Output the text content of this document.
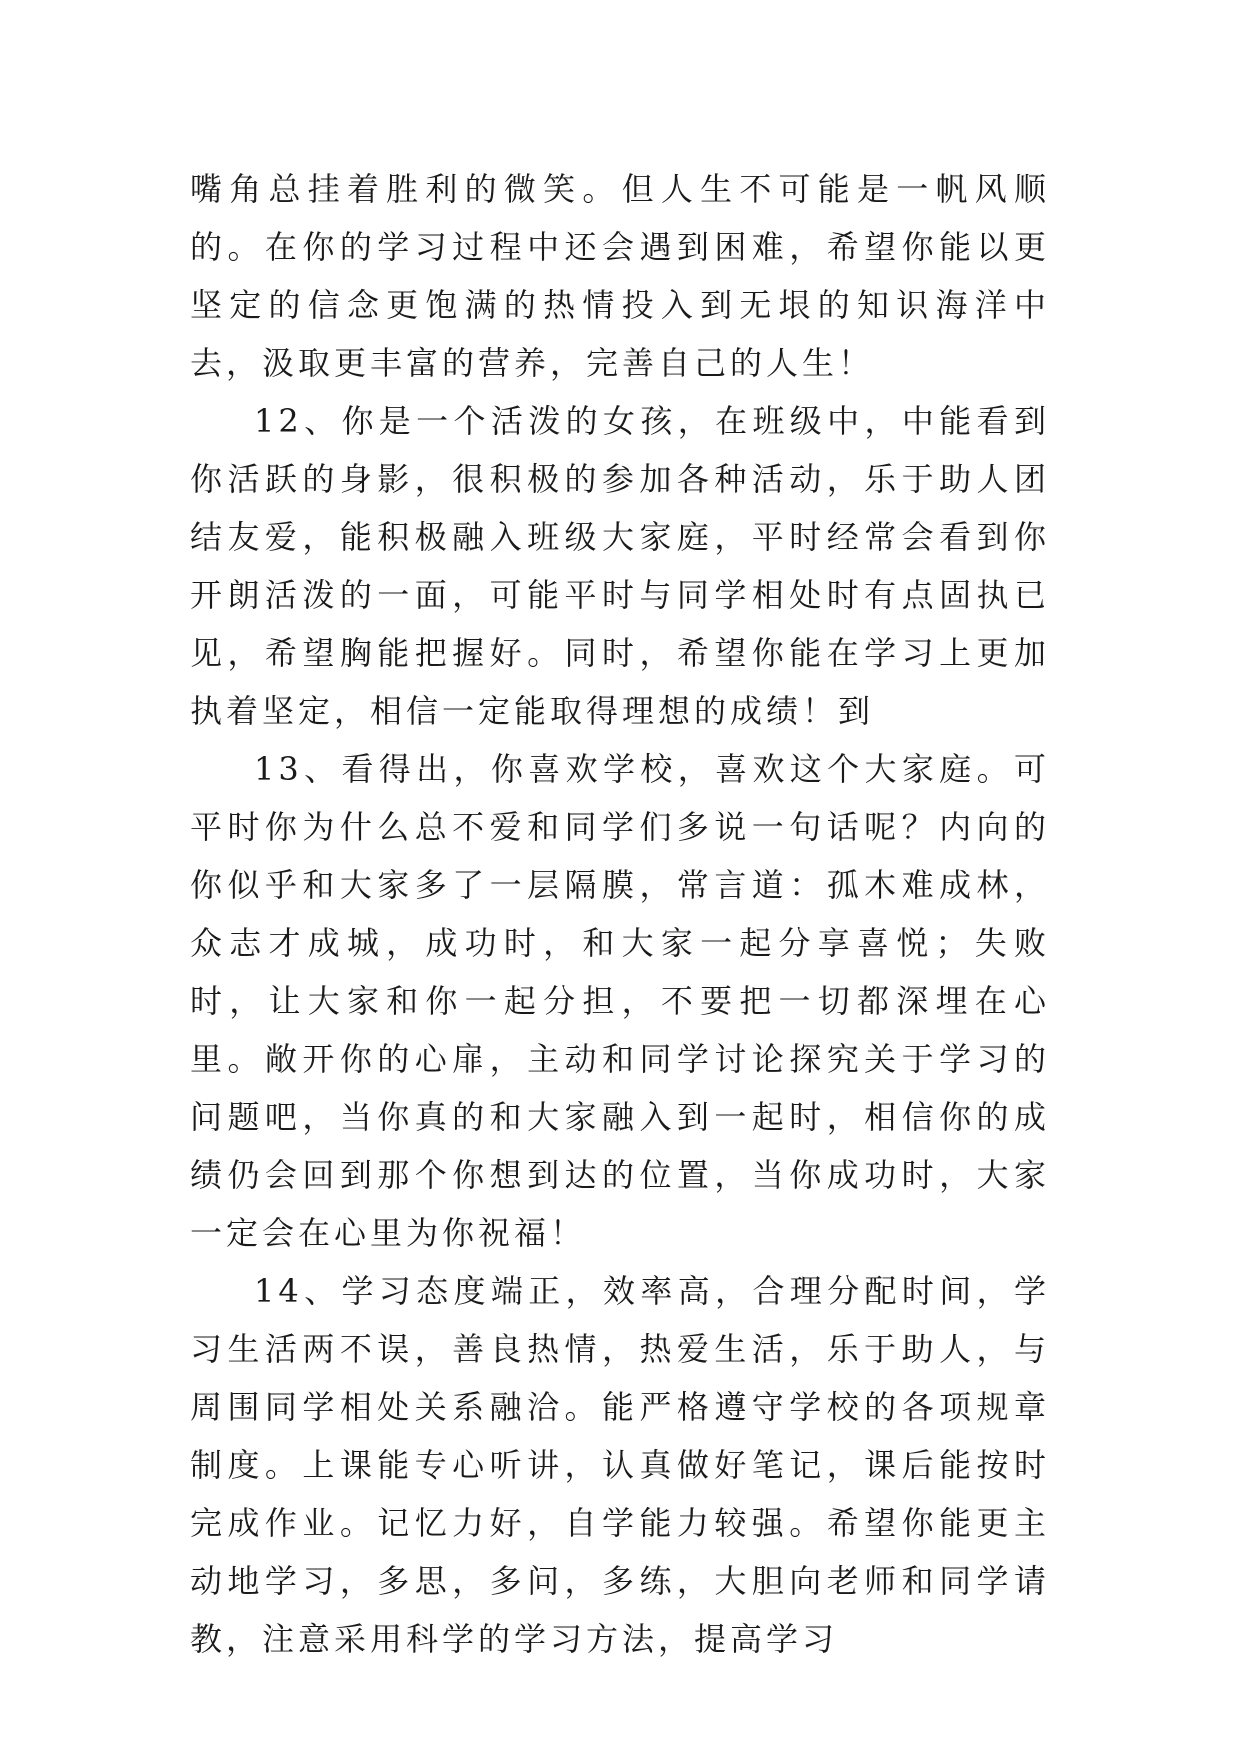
嘴角总挂着胜利的微笑。但人生不可能是一帆风顺的。在你的学习过程中还会遇到困难，希望你能以更坚定的信念更饱满的热情投入到无垠的知识海洋中去，汲取更丰富的营养，完善自己的人生！

12、你是一个活泼的女孩，在班级中，中能看到你活跃的身影，很积极的参加各种活动，乐于助人团结友爱，能积极融入班级大家庭，平时经常会看到你开朗活泼的一面，可能平时与同学相处时有点固执已见，希望胸能把握好。同时，希望你能在学习上更加执着坚定，相信一定能取得理想的成绩！到

13、看得出，你喜欢学校，喜欢这个大家庭。可平时你为什么总不爱和同学们多说一句话呢？内向的你似乎和大家多了一层隔膜，常言道：孤木难成林，众志才成城，成功时，和大家一起分享喜悦；失败时，让大家和你一起分担，不要把一切都深埋在心里。敞开你的心扉，主动和同学讨论探究关于学习的问题吧，当你真的和大家融入到一起时，相信你的成绩仍会回到那个你想到达的位置，当你成功时，大家一定会在心里为你祝福！

14、学习态度端正，效率高，合理分配时间，学习生活两不误，善良热情，热爱生活，乐于助人，与周围同学相处关系融洽。能严格遵守学校的各项规章制度。上课能专心听讲，认真做好笔记，课后能按时完成作业。记忆力好，自学能力较强。希望你能更主动地学习，多思，多问，多练，大胆向老师和同学请教，注意采用科学的学习方法，提高学习
